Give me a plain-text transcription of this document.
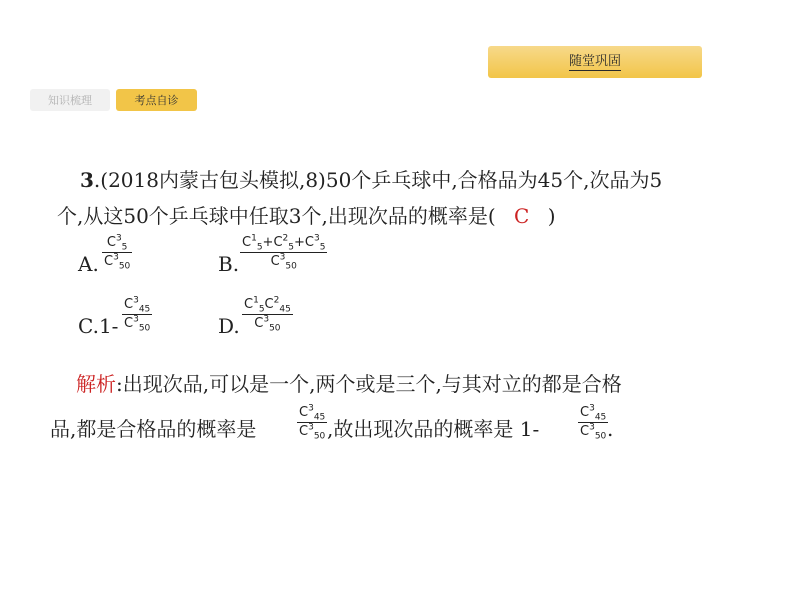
随堂巩固
知识梳理	考点自诊
3.(2018内蒙古包头模拟,8)50个乒乓球中,合格品为45个,次品为5
个,从这50个乒乓球中任取3个,出现次品的概率是( C )
A.
$C^3_5$
$C^3_{50}$	B.
$C^1_5+C^2_5+C^3_5$
$C^3_{50}$
C.1-
$C^3_{45}$
$C^3_{50}$	D.
$C^1_5C^2_{45}$
$C^3_{50}$
解析:出现次品,可以是一个,两个或是三个,与其对立的都是合格
品,都是合格品的概率是
$C^3_{45}$
$C^3_{50}$ ,故出现次品的概率是 1-
$C^3_{45}$
$C^3_{50}$ .
